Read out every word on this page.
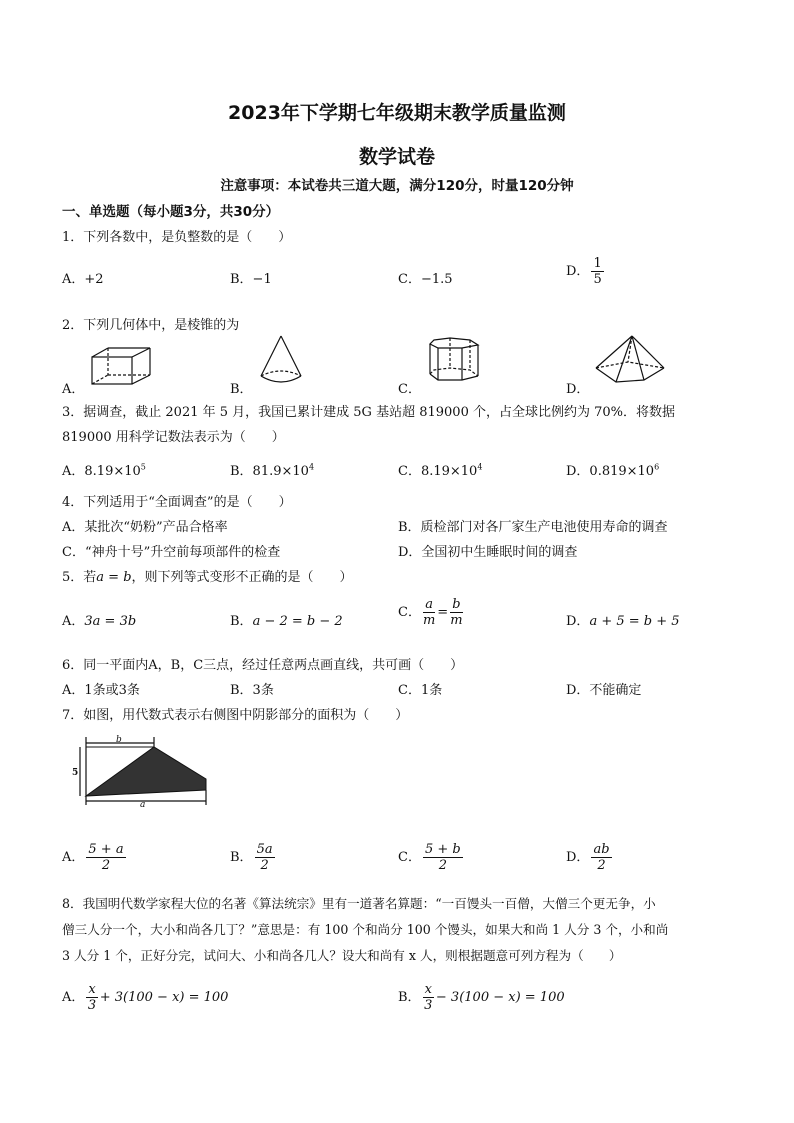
2023年下学期七年级期末教学质量监测
数学试卷
注意事项：本试卷共三道大题，满分120分，时量120分钟
一、单选题（每小题3分，共30分）
1．下列各数中，是负整数的是（　　）
A．+2	B．−1	C．−1.5
D． $\frac{1}{5}$
2．下列几何体中，是棱锥的为
A．	B．	C．	D．
3．据调查，截止 2021 年 5 月，我国已累计建成 5G 基站超 819000 个，占全球比例约为 70%．将数据
819000 用科学记数法表示为（　　）
A．$8.19\times 10^5$	B．$81.9\times 10^4$	C．$8.19\times 10^4$	D．$0.819\times 10^6$
4．下列适用于“全面调查”的是（　　）
A．某批次“奶粉”产品合格率	B．质检部门对各厂家生产电池使用寿命的调查
C．“神舟十号”升空前每项部件的检查	D．全国初中生睡眠时间的调查
5．若a = b，则下列等式变形不正确的是（　　）
A．3a = 3b	B．a − 2 = b − 2
C． $\frac{a}{m} = \frac{b}{m}$	D．a + 5 = b + 5
6．同一平面内A，B，C三点，经过任意两点画直线，共可画（　　）
A．1条或3条	B．3条	C．1条	D．不能确定
7．如图，用代数式表示右侧图中阴影部分的面积为（　　）
b
5
a
A． $\frac{5 + a}{2}$	B． $\frac{5a}{2}$	C． $\frac{5 + b}{2}$	D． $\frac{ab}{2}$
8．我国明代数学家程大位的名著《算法统宗》里有一道著名算题：“一百馒头一百僧，大僧三个更无争，小
僧三人分一个，大小和尚各几丁？”意思是：有 100 个和尚分 100 个馒头，如果大和尚 1 人分 3 个，小和尚
3 人分 1 个，正好分完，试问大、小和尚各几人？设大和尚有 x 人，则根据题意可列方程为（　　）
A． $\frac{x}{3} + 3(100 - x) = 100$	B． $\frac{x}{3} - 3(100 - x) = 100$
